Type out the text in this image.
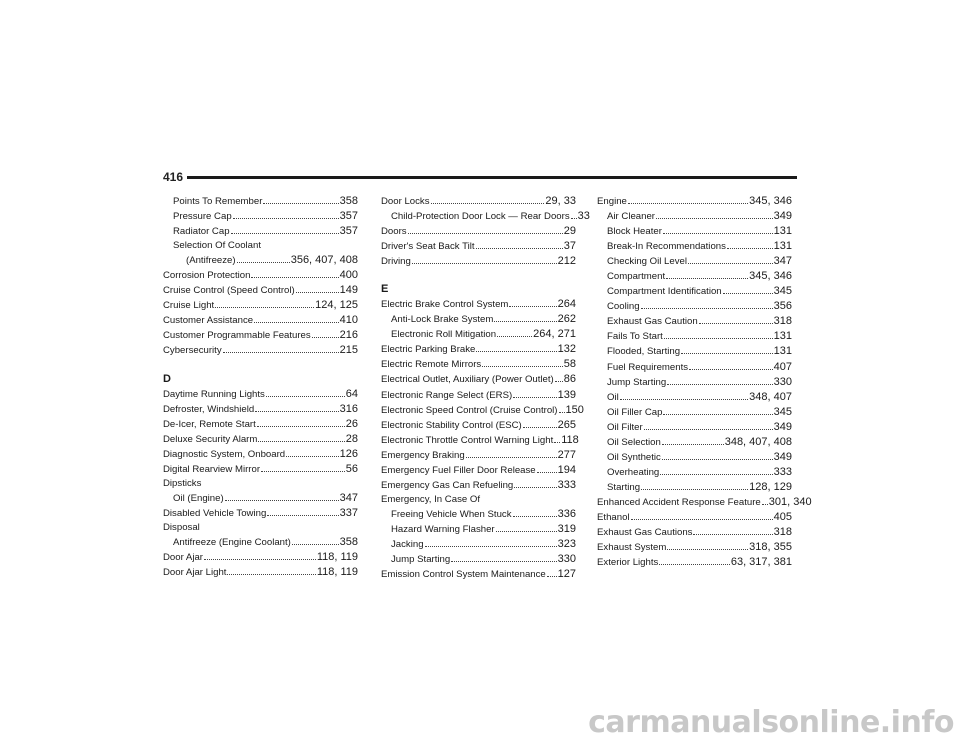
416
Points To Remember	358
Pressure Cap	357
Radiator Cap	357
Selection Of Coolant
(Antifreeze)	356, 407, 408
Corrosion Protection	400
Cruise Control (Speed Control)	149
Cruise Light	124, 125
Customer Assistance	410
Customer Programmable Features	216
Cybersecurity	215
D
Daytime Running Lights	64
Defroster, Windshield	316
De-Icer, Remote Start	26
Deluxe Security Alarm	28
Diagnostic System, Onboard	126
Digital Rearview Mirror	56
Dipsticks
Oil (Engine)	347
Disabled Vehicle Towing	337
Disposal
Antifreeze (Engine Coolant)	358
Door Ajar	118, 119
Door Ajar Light	118, 119
Door Locks	29, 33
Child-Protection Door Lock — Rear Doors 33
Doors	29
Driver's Seat Back Tilt	37
Driving	212
E
Electric Brake Control System	264
Anti-Lock Brake System	262
Electronic Roll Mitigation	264, 271
Electric Parking Brake	132
Electric Remote Mirrors	58
Electrical Outlet, Auxiliary (Power Outlet) 86
Electronic Range Select (ERS)	139
Electronic Speed Control (Cruise Control) 150
Electronic Stability Control (ESC)	265
Electronic Throttle Control Warning Light 118
Emergency Braking	277
Emergency Fuel Filler Door Release 194
Emergency Gas Can Refueling	333
Emergency, In Case Of
Freeing Vehicle When Stuck	336
Hazard Warning Flasher	319
Jacking	323
Jump Starting	330
Emission Control System Maintenance 127
Engine	345, 346
Air Cleaner	349
Block Heater	131
Break-In Recommendations	131
Checking Oil Level	347
Compartment	345, 346
Compartment Identification	345
Cooling	356
Exhaust Gas Caution	318
Fails To Start	131
Flooded, Starting	131
Fuel Requirements	407
Jump Starting	330
Oil	348, 407
Oil Filler Cap	345
Oil Filter	349
Oil Selection	348, 407, 408
Oil Synthetic	349
Overheating	333
Starting	128, 129
Enhanced Accident Response Feature 301, 340
Ethanol	405
Exhaust Gas Cautions	318
Exhaust System	318, 355
Exterior Lights	63, 317, 381
carmanualsonline.info
